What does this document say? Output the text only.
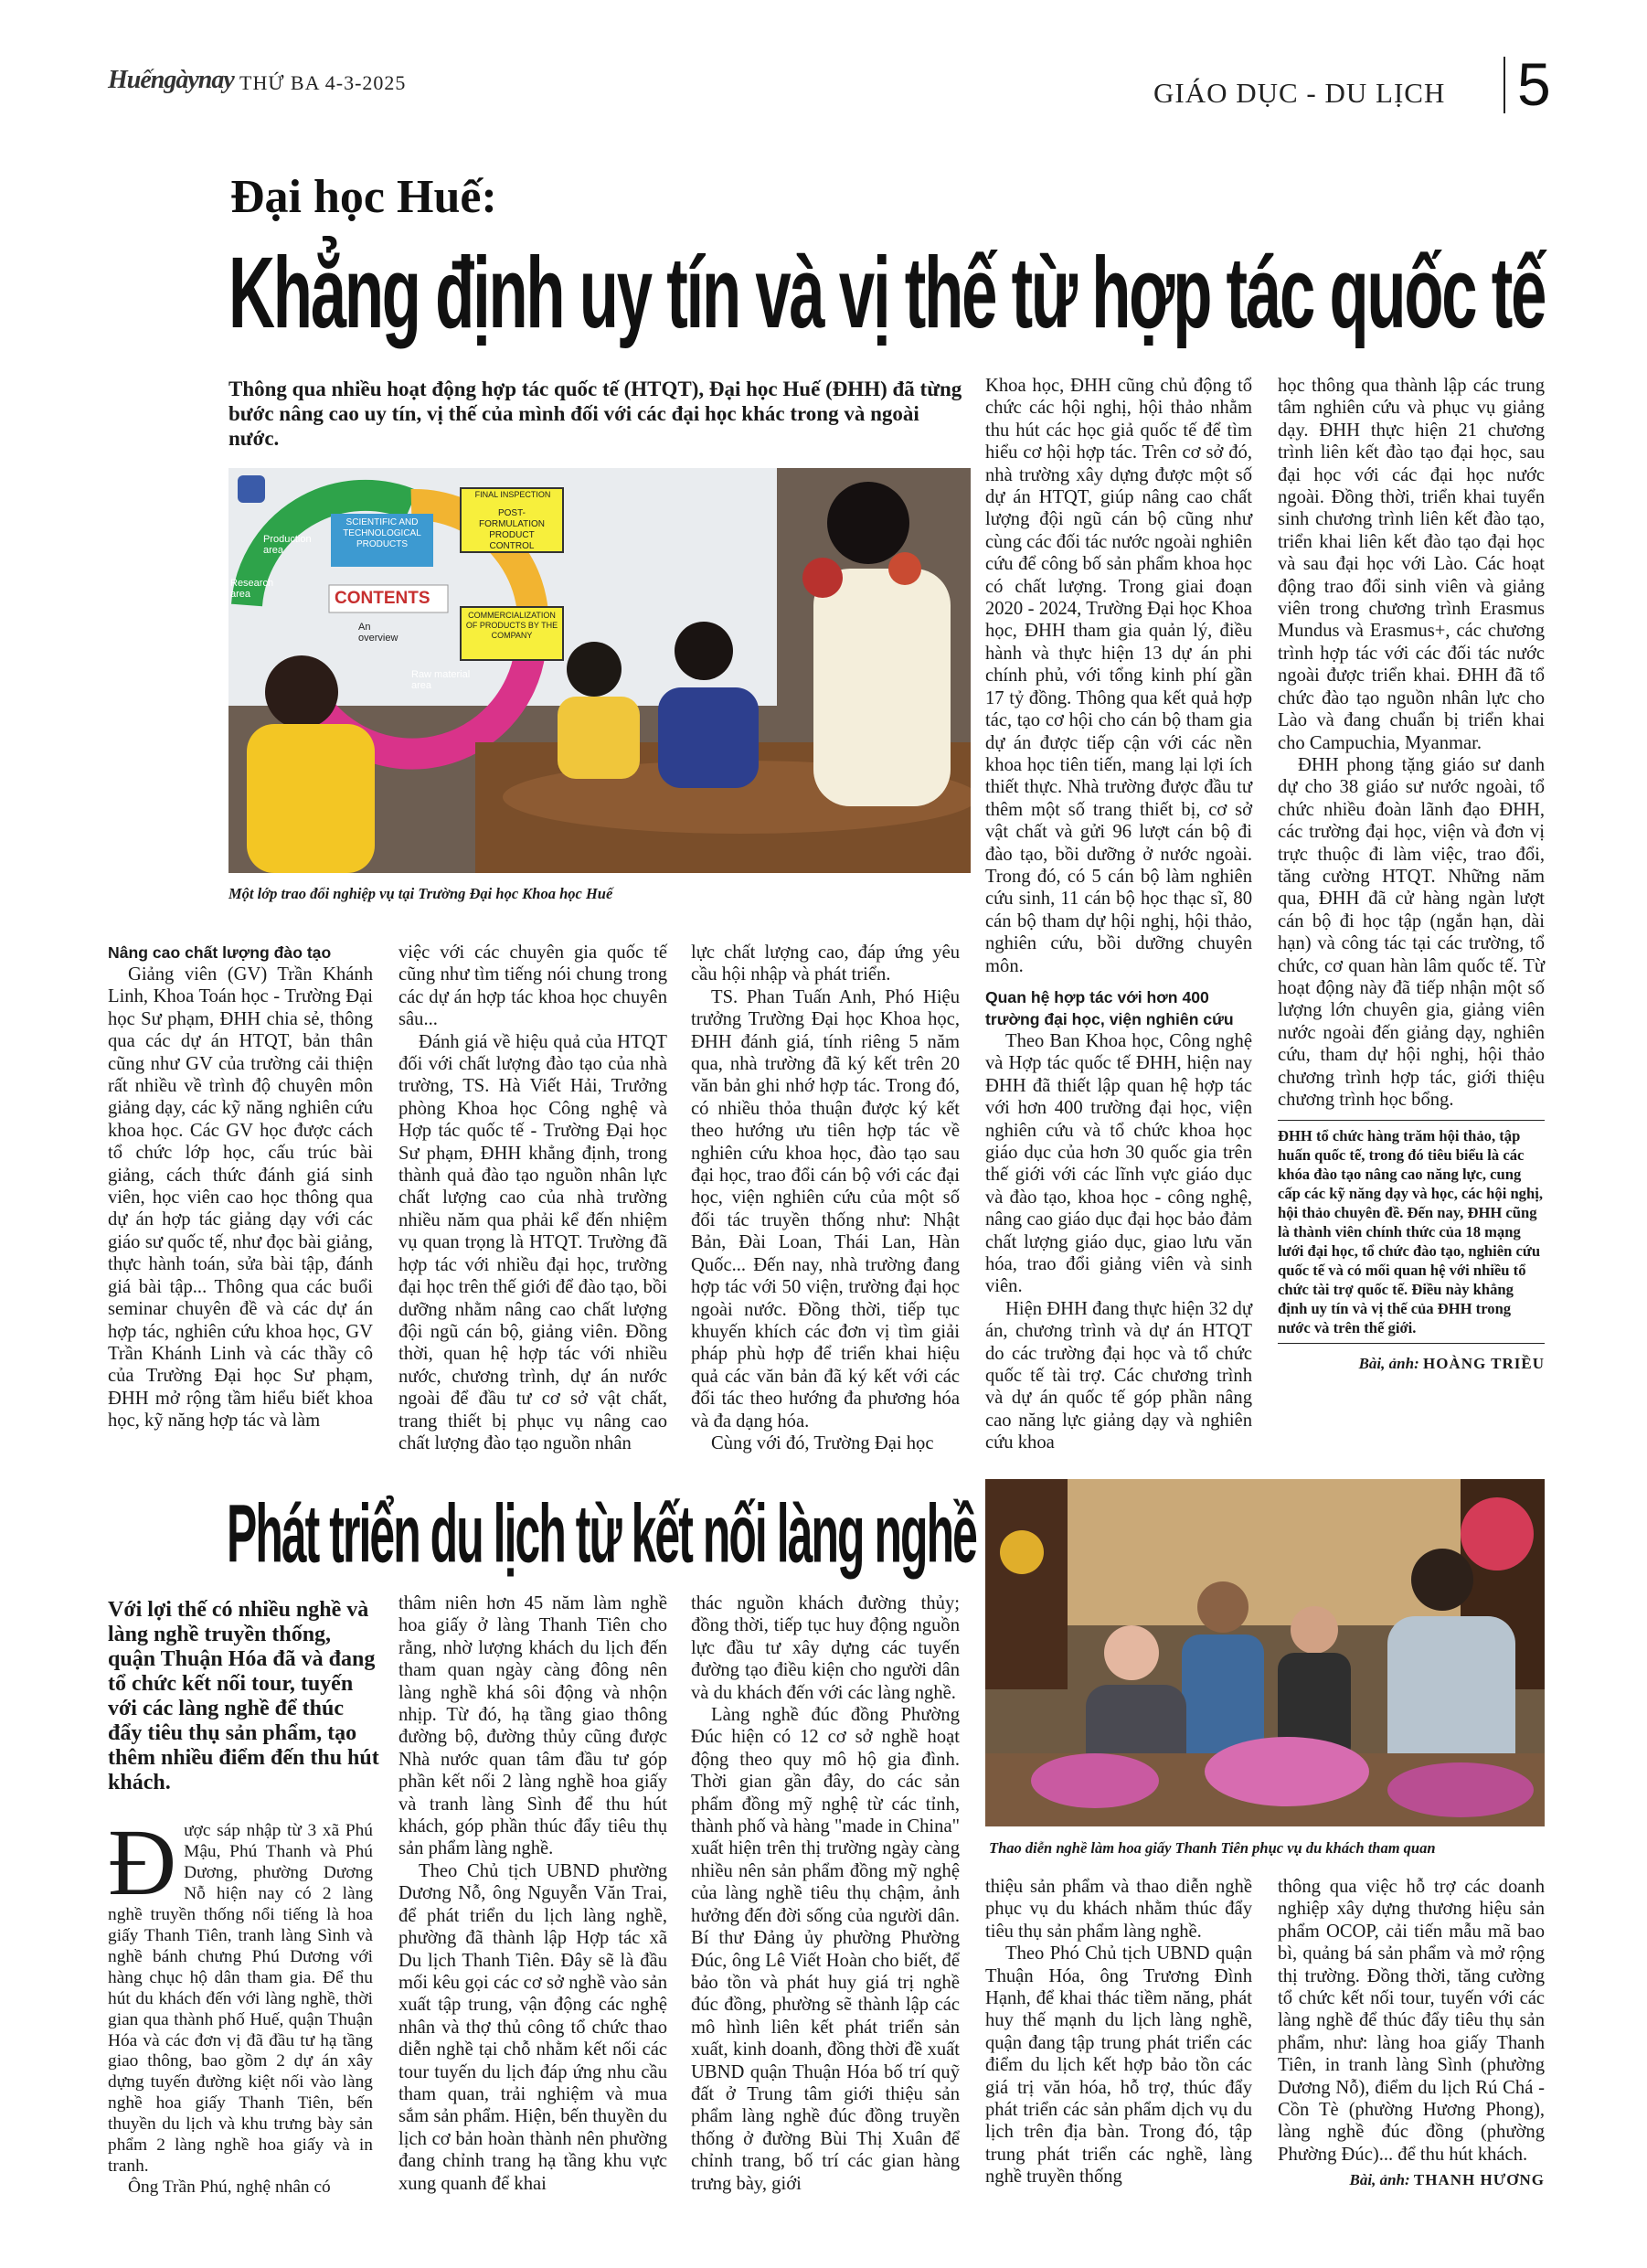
Huếngàynay THỨ BA 4-3-2025	GIÁO DỤC - DU LỊCH 5
Đại học Huế:
Khẳng định uy tín và vị thế từ hợp tác quốc tế
Thông qua nhiều hoạt động hợp tác quốc tế (HTQT), Đại học Huế (ĐHH) đã từng bước nâng cao uy tín, vị thế của mình đối với các đại học khác trong và ngoài nước.
Production area
Research area
An overview
Raw material area
CONTENTS
SCIENTIFIC AND TECHNOLOGICAL PRODUCTS
FINAL INSPECTION
POST-FORMULATION PRODUCT CONTROL
COMMERCIALIZATION OF PRODUCTS BY THE COMPANY
Một lớp trao đổi nghiệp vụ tại Trường Đại học Khoa học Huế

Nâng cao chất lượng đào tạo

Giảng viên (GV) Trần Khánh Linh, Khoa Toán học - Trường Đại học Sư phạm, ĐHH chia sẻ, thông qua các dự án HTQT, bản thân cũng như GV của trường cải thiện rất nhiều về trình độ chuyên môn giảng dạy, các kỹ năng nghiên cứu khoa học. Các GV học được cách tổ chức lớp học, cấu trúc bài giảng, cách thức đánh giá sinh viên, học viên cao học thông qua dự án hợp tác giảng dạy với các giáo sư quốc tế, như đọc bài giảng, thực hành toán, sửa bài tập, đánh giá bài tập... Thông qua các buổi seminar chuyên đề và các dự án hợp tác, nghiên cứu khoa học, GV Trần Khánh Linh và các thầy cô của Trường Đại học Sư phạm, ĐHH mở rộng tầm hiểu biết khoa học, kỹ năng hợp tác và làm

việc với các chuyên gia quốc tế cũng như tìm tiếng nói chung trong các dự án hợp tác khoa học chuyên sâu...

Đánh giá về hiệu quả của HTQT đối với chất lượng đào tạo của nhà trường, TS. Hà Viết Hải, Trưởng phòng Khoa học Công nghệ và Hợp tác quốc tế - Trường Đại học Sư phạm, ĐHH khẳng định, trong thành quả đào tạo nguồn nhân lực chất lượng cao của nhà trường nhiều năm qua phải kể đến nhiệm vụ quan trọng là HTQT. Trường đã hợp tác với nhiều đại học, trường đại học trên thế giới để đào tạo, bồi dưỡng nhằm nâng cao chất lượng đội ngũ cán bộ, giảng viên. Đồng thời, quan hệ hợp tác với nhiều nước, chương trình, dự án nước ngoài để đầu tư cơ sở vật chất, trang thiết bị phục vụ nâng cao chất lượng đào tạo nguồn nhân

lực chất lượng cao, đáp ứng yêu cầu hội nhập và phát triển.

TS. Phan Tuấn Anh, Phó Hiệu trưởng Trường Đại học Khoa học, ĐHH đánh giá, tính riêng 5 năm qua, nhà trường đã ký kết trên 20 văn bản ghi nhớ hợp tác. Trong đó, có nhiều thỏa thuận được ký kết theo hướng ưu tiên hợp tác về nghiên cứu khoa học, đào tạo sau đại học, trao đổi cán bộ với các đại học, viện nghiên cứu của một số đối tác truyền thống như: Nhật Bản, Đài Loan, Thái Lan, Hàn Quốc... Đến nay, nhà trường đang hợp tác với 50 viện, trường đại học ngoài nước. Đồng thời, tiếp tục khuyến khích các đơn vị tìm giải pháp phù hợp để triển khai hiệu quả các văn bản đã ký kết với các đối tác theo hướng đa phương hóa và đa dạng hóa.

Cùng với đó, Trường Đại học

Khoa học, ĐHH cũng chủ động tổ chức các hội nghị, hội thảo nhằm thu hút các học giả quốc tế để tìm hiểu cơ hội hợp tác. Trên cơ sở đó, nhà trường xây dựng được một số dự án HTQT, giúp nâng cao chất lượng đội ngũ cán bộ cũng như cùng các đối tác nước ngoài nghiên cứu để công bố sản phẩm khoa học có chất lượng. Trong giai đoạn 2020 - 2024, Trường Đại học Khoa học, ĐHH tham gia quản lý, điều hành và thực hiện 13 dự án phi chính phủ, với tổng kinh phí gần 17 tỷ đồng. Thông qua kết quả hợp tác, tạo cơ hội cho cán bộ tham gia dự án được tiếp cận với các nền khoa học tiên tiến, mang lại lợi ích thiết thực. Nhà trường được đầu tư thêm một số trang thiết bị, cơ sở vật chất và gửi 96 lượt cán bộ đi đào tạo, bồi dưỡng ở nước ngoài. Trong đó, có 5 cán bộ làm nghiên cứu sinh, 11 cán bộ học thạc sĩ, 80 cán bộ tham dự hội nghị, hội thảo, nghiên cứu, bồi dưỡng chuyên môn.

Quan hệ hợp tác với hơn 400 trường đại học, viện nghiên cứu

Theo Ban Khoa học, Công nghệ và Hợp tác quốc tế ĐHH, hiện nay ĐHH đã thiết lập quan hệ hợp tác với hơn 400 trường đại học, viện nghiên cứu và tổ chức khoa học giáo dục của hơn 30 quốc gia trên thế giới với các lĩnh vực giáo dục và đào tạo, khoa học - công nghệ, nâng cao giáo dục đại học bảo đảm chất lượng giáo dục, giao lưu văn hóa, trao đổi giảng viên và sinh viên.

Hiện ĐHH đang thực hiện 32 dự án, chương trình và dự án HTQT do các trường đại học và tổ chức quốc tế tài trợ. Các chương trình và dự án quốc tế góp phần nâng cao năng lực giảng dạy và nghiên cứu khoa

học thông qua thành lập các trung tâm nghiên cứu và phục vụ giảng dạy. ĐHH thực hiện 21 chương trình liên kết đào tạo đại học, sau đại học với các đại học nước ngoài. Đồng thời, triển khai tuyển sinh chương trình liên kết đào tạo, triển khai liên kết đào tạo đại học và sau đại học với Lào. Các hoạt động trao đổi sinh viên và giảng viên trong chương trình Erasmus Mundus và Erasmus+, các chương trình hợp tác với các đối tác nước ngoài được triển khai. ĐHH đã tổ chức đào tạo nguồn nhân lực cho Lào và đang chuẩn bị triển khai cho Campuchia, Myanmar.

ĐHH phong tặng giáo sư danh dự cho 38 giáo sư nước ngoài, tổ chức nhiều đoàn lãnh đạo ĐHH, các trường đại học, viện và đơn vị trực thuộc đi làm việc, trao đổi, tăng cường HTQT. Những năm qua, ĐHH đã cử hàng ngàn lượt cán bộ đi học tập (ngắn hạn, dài hạn) và công tác tại các trường, tổ chức, cơ quan hàn lâm quốc tế. Từ hoạt động này đã tiếp nhận một số lượng lớn chuyên gia, giảng viên nước ngoài đến giảng dạy, nghiên cứu, tham dự hội nghị, hội thảo chương trình hợp tác, giới thiệu chương trình học bổng.

ĐHH tổ chức hàng trăm hội thảo, tập huấn quốc tế, trong đó tiêu biểu là các khóa đào tạo nâng cao năng lực, cung cấp các kỹ năng dạy và học, các hội nghị, hội thảo chuyên đề. Đến nay, ĐHH cũng là thành viên chính thức của 18 mạng lưới đại học, tổ chức đào tạo, nghiên cứu quốc tế và có mối quan hệ với nhiều tổ chức tài trợ quốc tế. Điều này khẳng định uy tín và vị thế của ĐHH trong nước và trên thế giới.

Bài, ảnh: HOÀNG TRIỀU
Phát triển du lịch từ kết nối làng nghề
Với lợi thế có nhiều nghề và làng nghề truyền thống, quận Thuận Hóa đã và đang tổ chức kết nối tour, tuyến với các làng nghề để thúc đẩy tiêu thụ sản phẩm, tạo thêm nhiều điểm đến thu hút khách.
Thao diễn nghề làm hoa giấy Thanh Tiên phục vụ du khách tham quan

Được sáp nhập từ 3 xã Phú Mậu, Phú Thanh và Phú Dương, phường Dương Nỗ hiện nay có 2 làng nghề truyền thống nổi tiếng là hoa giấy Thanh Tiên, tranh làng Sình và nghề bánh chưng Phú Dương với hàng chục hộ dân tham gia. Để thu hút du khách đến với làng nghề, thời gian qua thành phố Huế, quận Thuận Hóa và các đơn vị đã đầu tư hạ tầng giao thông, bao gồm 2 dự án xây dựng tuyến đường kiệt nối vào làng nghề hoa giấy Thanh Tiên, bến thuyền du lịch và khu trưng bày sản phẩm 2 làng nghề hoa giấy và in tranh.

Ông Trần Phú, nghệ nhân có

thâm niên hơn 45 năm làm nghề hoa giấy ở làng Thanh Tiên cho rằng, nhờ lượng khách du lịch đến tham quan ngày càng đông nên làng nghề khá sôi động và nhộn nhịp. Từ đó, hạ tầng giao thông đường bộ, đường thủy cũng được Nhà nước quan tâm đầu tư góp phần kết nối 2 làng nghề hoa giấy và tranh làng Sình để thu hút khách, góp phần thúc đẩy tiêu thụ sản phẩm làng nghề.

Theo Chủ tịch UBND phường Dương Nỗ, ông Nguyễn Văn Trai, để phát triển du lịch làng nghề, phường đã thành lập Hợp tác xã Du lịch Thanh Tiên. Đây sẽ là đầu mối kêu gọi các cơ sở nghề vào sản xuất tập trung, vận động các nghệ nhân và thợ thủ công tổ chức thao diễn nghề tại chỗ nhằm kết nối các tour tuyến du lịch đáp ứng nhu cầu tham quan, trải nghiệm và mua sắm sản phẩm. Hiện, bến thuyền du lịch cơ bản hoàn thành nên phường đang chỉnh trang hạ tầng khu vực xung quanh để khai

thác nguồn khách đường thủy; đồng thời, tiếp tục huy động nguồn lực đầu tư xây dựng các tuyến đường tạo điều kiện cho người dân và du khách đến với các làng nghề.

Làng nghề đúc đồng Phường Đúc hiện có 12 cơ sở nghề hoạt động theo quy mô hộ gia đình. Thời gian gần đây, do các sản phẩm đồng mỹ nghệ từ các tỉnh, thành phố và hàng "made in China" xuất hiện trên thị trường ngày càng nhiều nên sản phẩm đồng mỹ nghệ của làng nghề tiêu thụ chậm, ảnh hưởng đến đời sống của người dân. Bí thư Đảng ủy phường Phường Đúc, ông Lê Viết Hoàn cho biết, để bảo tồn và phát huy giá trị nghề đúc đồng, phường sẽ thành lập các mô hình liên kết phát triển sản xuất, kinh doanh, đồng thời đề xuất UBND quận Thuận Hóa bố trí quỹ đất ở Trung tâm giới thiệu sản phẩm làng nghề đúc đồng truyền thống ở đường Bùi Thị Xuân để chỉnh trang, bố trí các gian hàng trưng bày, giới

thiệu sản phẩm và thao diễn nghề phục vụ du khách nhằm thúc đẩy tiêu thụ sản phẩm làng nghề.

Theo Phó Chủ tịch UBND quận Thuận Hóa, ông Trương Đình Hạnh, để khai thác tiềm năng, phát huy thế mạnh du lịch làng nghề, quận đang tập trung phát triển các điểm du lịch kết hợp bảo tồn các giá trị văn hóa, hỗ trợ, thúc đẩy phát triển các sản phẩm dịch vụ du lịch trên địa bàn. Trong đó, tập trung phát triển các nghề, làng nghề truyền thống

thông qua việc hỗ trợ các doanh nghiệp xây dựng thương hiệu sản phẩm OCOP, cải tiến mẫu mã bao bì, quảng bá sản phẩm và mở rộng thị trường. Đồng thời, tăng cường tổ chức kết nối tour, tuyến với các làng nghề để thúc đẩy tiêu thụ sản phẩm, như: làng hoa giấy Thanh Tiên, in tranh làng Sình (phường Dương Nỗ), điểm du lịch Rú Chá - Cồn Tè (phường Hương Phong), làng nghề đúc đồng (phường Phường Đúc)... để thu hút khách.

Bài, ảnh: THANH HƯƠNG
